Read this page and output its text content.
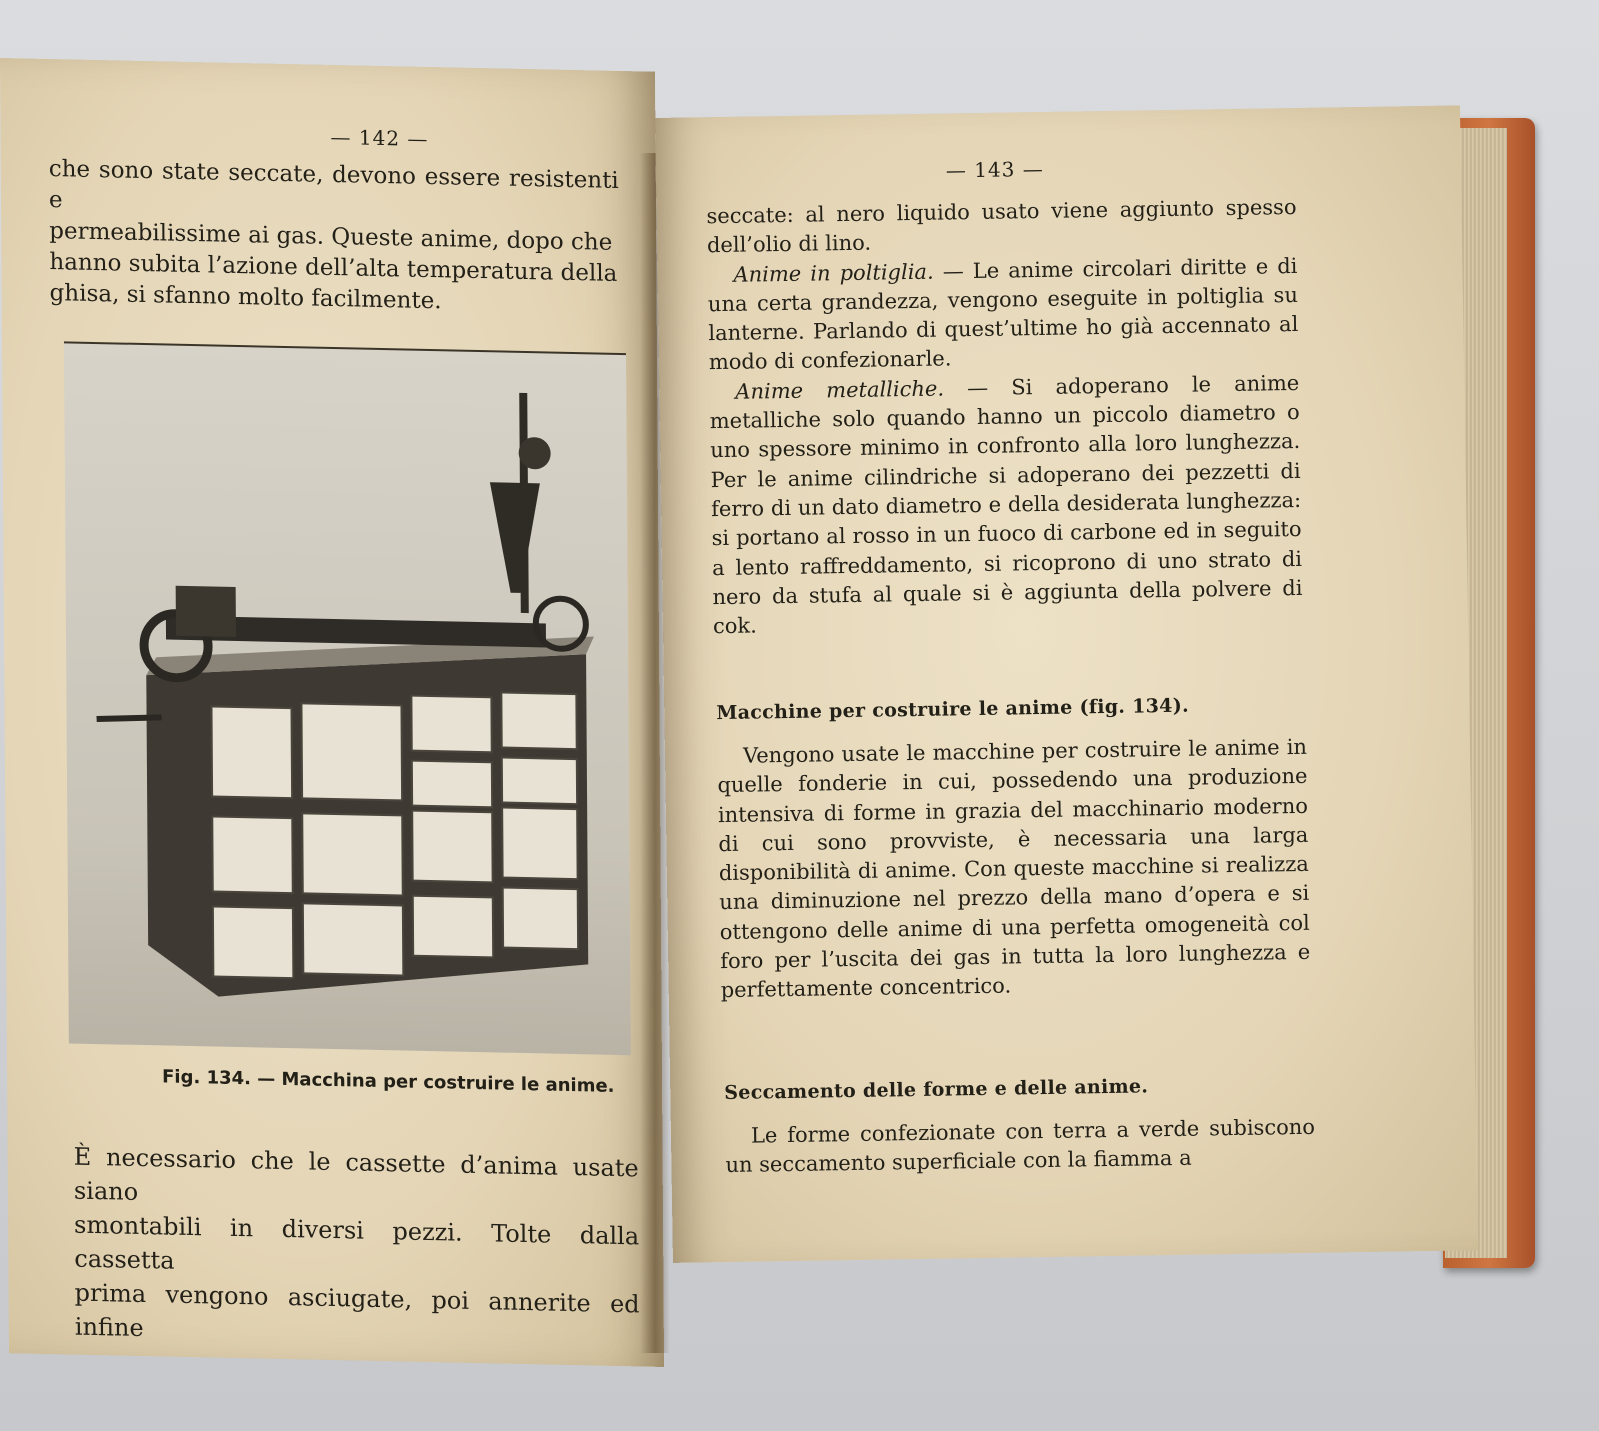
— 142 —

che sono state seccate, devono essere resistenti e

permeabilissime ai gas. Queste anime, dopo che

hanno subita l’azione dell’alta temperatura della

ghisa, si sfanno molto facilmente.

Fig. 134. — Macchina per costruire le anime.

È necessario che le cassette d’anima usate siano

smontabili in diversi pezzi. Tolte dalla cassetta

prima vengono asciugate, poi annerite ed infine

— 143 —

seccate: al nero liquido usato viene aggiunto spesso dell’olio di lino.

Anime in poltiglia. — Le anime circolari diritte e di una certa grandezza, vengono eseguite in poltiglia su lanterne. Parlando di quest’ultime ho già accennato al modo di confezionarle.

Anime metalliche. — Si adoperano le anime metalliche solo quando hanno un piccolo diametro o uno spessore minimo in confronto alla loro lunghezza. Per le anime cilindriche si adoperano dei pezzetti di ferro di un dato diametro e della desiderata lunghezza: si portano al rosso in un fuoco di carbone ed in seguito a lento raffreddamento, si ricoprono di uno strato di nero da stufa al quale si è aggiunta della polvere di cok.

Macchine per costruire le anime (fig. 134).

Vengono usate le macchine per costruire le anime in quelle fonderie in cui, possedendo una produzione intensiva di forme in grazia del macchinario moderno di cui sono provviste, è necessaria una larga disponibilità di anime. Con queste macchine si realizza una diminuzione nel prezzo della mano d’opera e si ottengono delle anime di una perfetta omogeneità col foro per l’uscita dei gas in tutta la loro lunghezza e perfettamente concentrico.

Seccamento delle forme e delle anime.

Le forme confezionate con terra a verde subiscono un seccamento superficiale con la fiamma a
